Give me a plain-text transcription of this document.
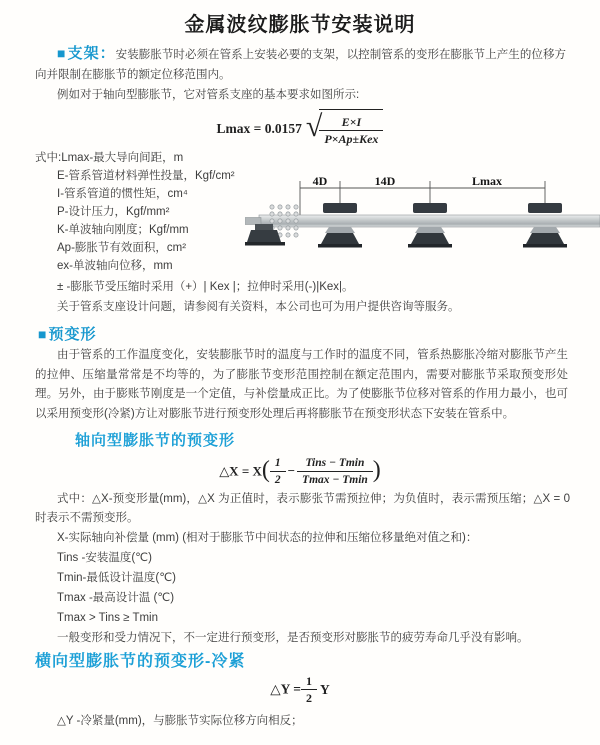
金属波纹膨胀节安装说明

■支架：安装膨胀节时必须在管系上安装必要的支架，以控制管系的变形在膨胀节上产生的位移方向并限制在膨胀节的额定位移范围内。

例如对于轴向型膨胀节，它对管系支座的基本要求如图所示:

Lmax = 0.0157 √
$\frac{E\times I}{\text{P×Ap±Kex}}$
式中:Lmax-最大导向间距，m
E-管系管道材料弹性投量，Kgf/cm²
I-管系管道的惯性矩，cm⁴
P-设计压力，Kgf/mm²
K-单波轴向刚度；Kgf/mm
Ap-膨胀节有效面积，cm²
ex-单波轴向位移，mm
4D	14D	Lmax

± -膨胀节受压缩时采用（+）| Kex |；拉伸时采用(-)|Kex|。

关于管系支座设计问题，请参阅有关资料，本公司也可为用户提供咨询等服务。

■预变形

由于管系的工作温度变化，安装膨胀节时的温度与工作时的温度不同，管系热膨胀冷缩对膨胀节产生的拉伸、压缩量常常是不均等的，为了膨胀节变形范围控制在额定范围内，需要对膨胀节采取预变形处理。另外，由于膨账节刚度是一个定值，与补偿量成正比。为了使膨胀节位移对管系的作用力最小，也可以采用预变形(冷紧)方让对膨胀节进行预变形处理后再将膨胀节在预变形状态下安装在管系中。

轴向型膨胀节的预变形
△X = $X( \frac{1}{2} - \frac{\text{Tins − Tmin}}{Tmax - Tmin}$ )

式中：△X-预变形量(mm)，△X 为正值时，表示膨张节需预拉伸；为负值时，表示需预压缩；△X = 0时表示不需预变形。

X-实际轴向补偿量 (mm) (相对于膨胀节中间状态的拉伸和压缩位移量绝对值之和)：

Tins -安装温度(℃)

Tmin-最低设计温度(℃)

Tmax -最高设计温 (℃)

Tmax > Tins ≥ Tmin

一般变形和受力情况下，不一定进行预变形，是否预变形对膨胀节的疲劳寿命几乎没有影响。

横向型膨胀节的预变形-冷紧
△Y = $\frac{1}{2}$ Y

△Y -冷紧量(mm)，与膨胀节实际位移方向相反；
